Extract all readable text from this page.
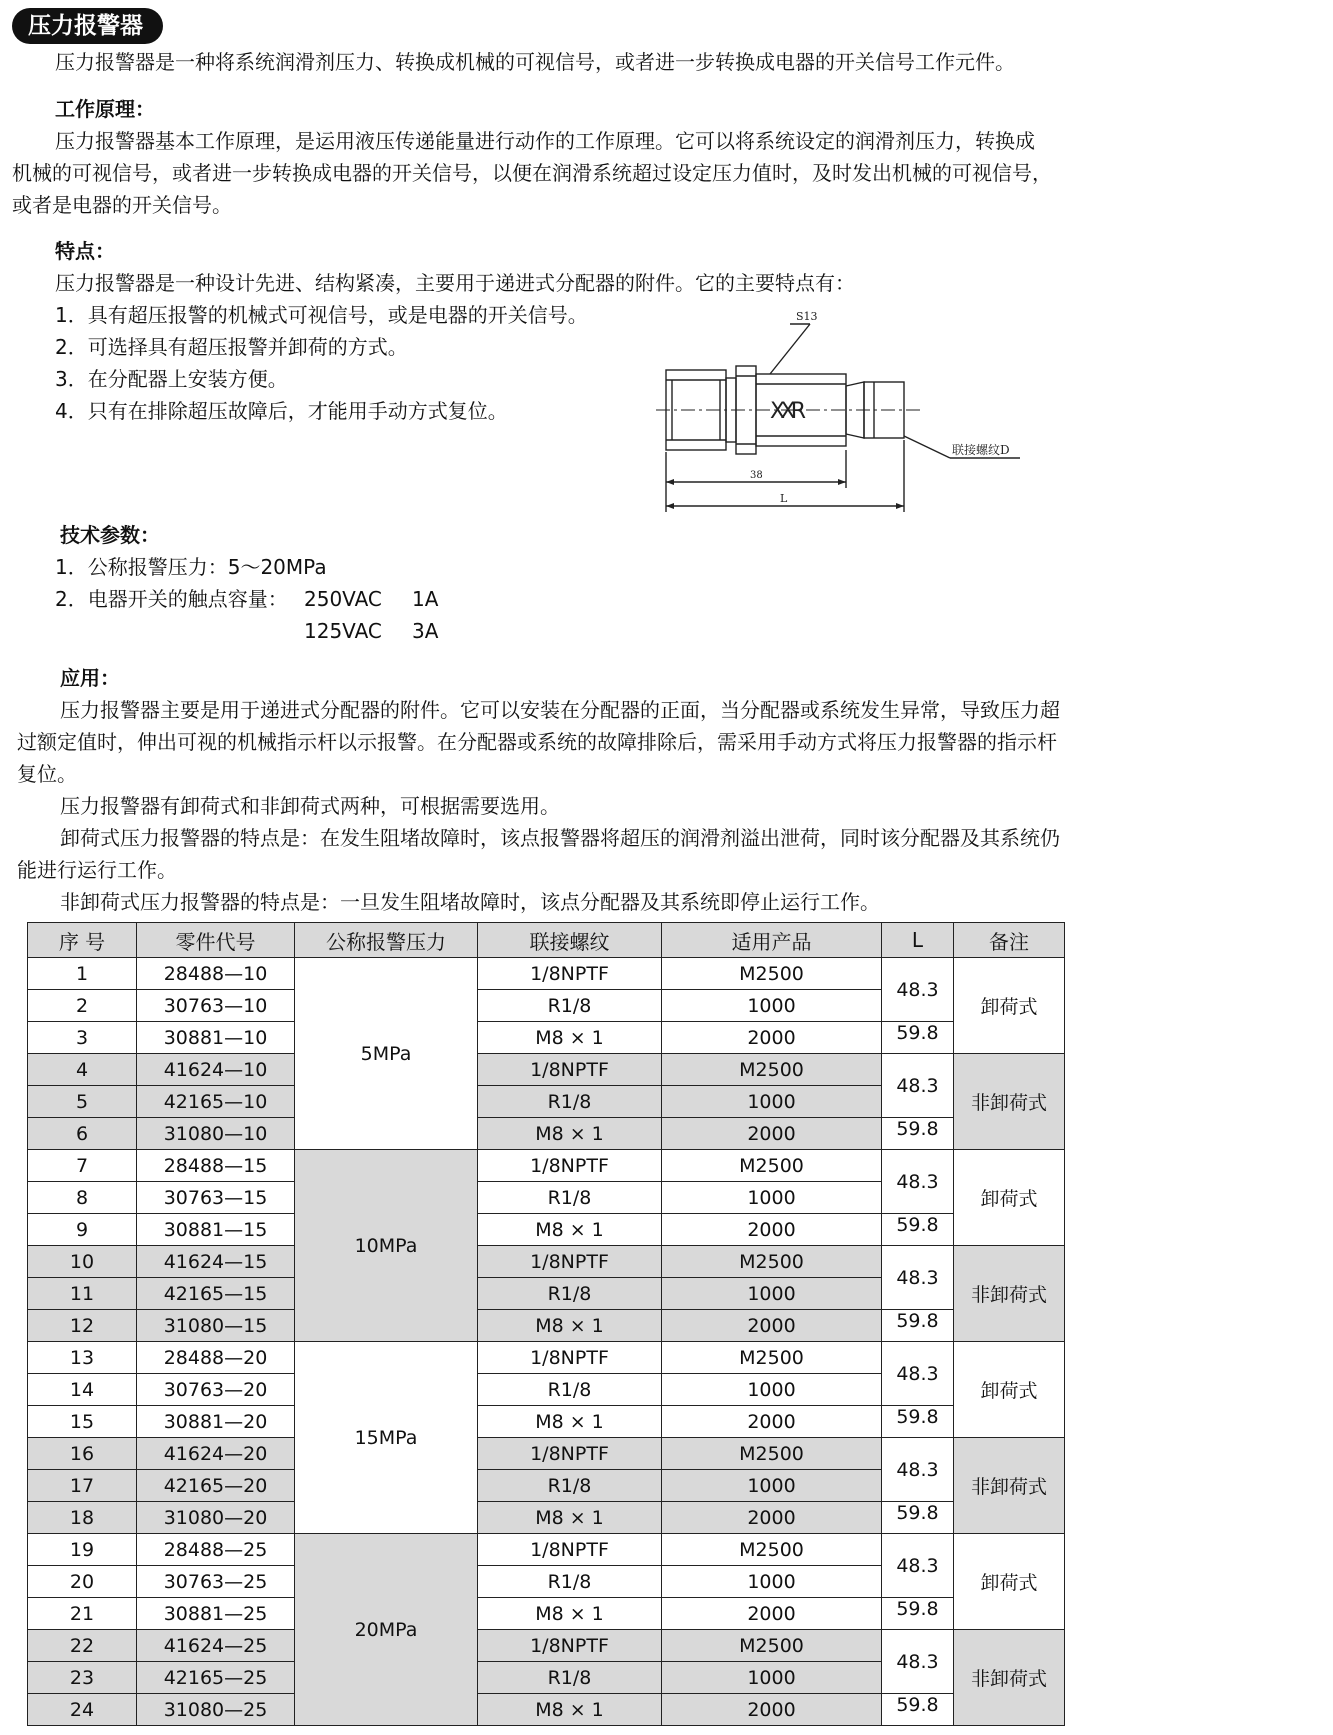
压力报警器

压力报警器是一种将系统润滑剂压力、转换成机械的可视信号，或者进一步转换成电器的开关信号工作元件。

工作原理：

压力报警器基本工作原理，是运用液压传递能量进行动作的工作原理。它可以将系统设定的润滑剂压力，转换成机械的可视信号，或者进一步转换成电器的开关信号，以便在润滑系统超过设定压力值时，及时发出机械的可视信号，或者是电器的开关信号。

特点：

压力报警器是一种设计先进、结构紧凑，主要用于递进式分配器的附件。它的主要特点有：

1．具有超压报警的机械式可视信号，或是电器的开关信号。

2．可选择具有超压报警并卸荷的方式。

3．在分配器上安装方便。

4．只有在排除超压故障后，才能用手动方式复位。

S13
XXR
联接螺纹D
38
L

技术参数：

1．公称报警压力：5～20MPa

2．电器开关的触点容量： 250VAC 1A

125VAC 3A

应用：

压力报警器主要是用于递进式分配器的附件。它可以安装在分配器的正面，当分配器或系统发生异常，导致压力超过额定值时，伸出可视的机械指示杆以示报警。在分配器或系统的故障排除后，需采用手动方式将压力报警器的指示杆复位。

压力报警器有卸荷式和非卸荷式两种，可根据需要选用。

卸荷式压力报警器的特点是：在发生阻堵故障时，该点报警器将超压的润滑剂溢出泄荷，同时该分配器及其系统仍能进行运行工作。

非卸荷式压力报警器的特点是：一旦发生阻堵故障时，该点分配器及其系统即停止运行工作。

序 号	零件代号	公称报警压力	联接螺纹	适用产品	L	备注
1	28488—10	5MPa	1/8NPTF	M2500	48.3	卸荷式
2	30763—10		R1/8	1000		
3	30881—10		M8 × 1	2000	59.8	
4	41624—10		1/8NPTF	M2500	48.3	非卸荷式
5	42165—10		R1/8	1000		
6	31080—10		M8 × 1	2000	59.8	
7	28488—15	10MPa	1/8NPTF	M2500	48.3	卸荷式
8	30763—15		R1/8	1000		
9	30881—15		M8 × 1	2000	59.8	
10	41624—15		1/8NPTF	M2500	48.3	非卸荷式
11	42165—15		R1/8	1000		
12	31080—15		M8 × 1	2000	59.8	
13	28488—20	15MPa	1/8NPTF	M2500	48.3	卸荷式
14	30763—20		R1/8	1000		
15	30881—20		M8 × 1	2000	59.8	
16	41624—20		1/8NPTF	M2500	48.3	非卸荷式
17	42165—20		R1/8	1000		
18	31080—20		M8 × 1	2000	59.8	
19	28488—25	20MPa	1/8NPTF	M2500	48.3	卸荷式
20	30763—25		R1/8	1000		
21	30881—25		M8 × 1	2000	59.8	
22	41624—25		1/8NPTF	M2500	48.3	非卸荷式
23	42165—25		R1/8	1000		
24	31080—25		M8 × 1	2000	59.8	
